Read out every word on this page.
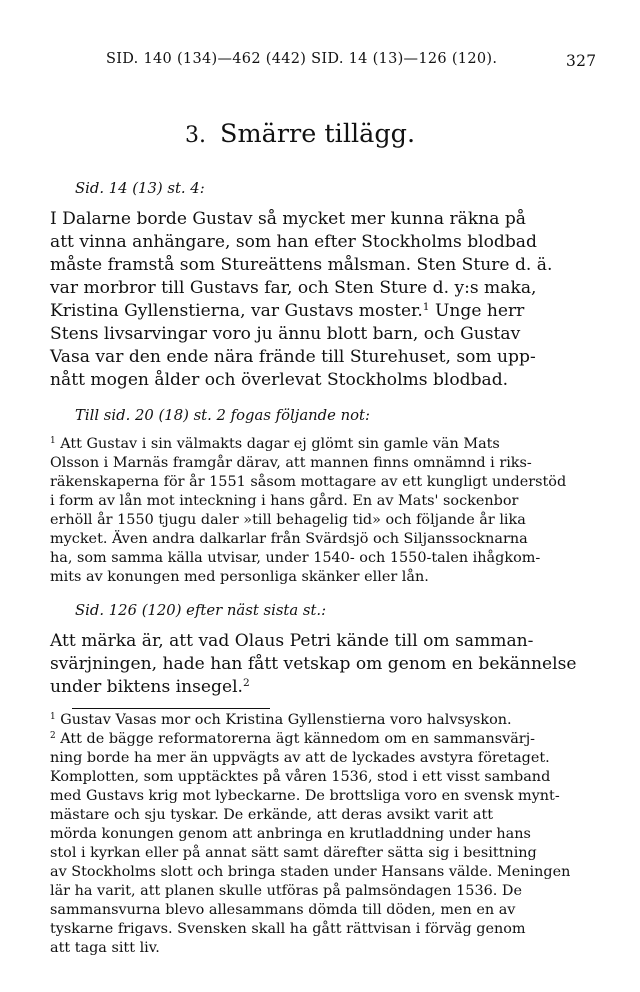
SID. 140 (134)—462 (442) SID. 14 (13)—126 (120).	327
3. Smärre tillägg.
Sid. 14 (13) st. 4:
I Dalarne borde Gustav så mycket mer kunna räkna på
att vinna anhängare, som han efter Stockholms blodbad
måste framstå som Stureättens målsman. Sten Sture d. ä.
var morbror till Gustavs far, och Sten Sture d. y:s maka,
Kristina Gyllenstierna, var Gustavs moster.$^1$ Unge herr
Stens livsarvingar voro ju ännu blott barn, och Gustav
Vasa var den ende nära frände till Sturehuset, som upp-
nått mogen ålder och överlevat Stockholms blodbad.
Till sid. 20 (18) st. 2 fogas följande not:
$^1$ Att Gustav i sin välmakts dagar ej glömt sin gamle vän Mats
Olsson i Marnäs framgår därav, att mannen finns omnämnd i riks-
räkenskaperna för år 1551 såsom mottagare av ett kungligt understöd
i form av lån mot inteckning i hans gård. En av Mats' sockenbor
erhöll år 1550 tjugu daler »till behagelig tid» och följande år lika
mycket. Även andra dalkarlar från Svärdsjö och Siljanssocknarna
ha, som samma källa utvisar, under 1540- och 1550-talen ihågkom-
mits av konungen med personliga skänker eller lån.
Sid. 126 (120) efter näst sista st.:
Att märka är, att vad Olaus Petri kände till om samman-
svärjningen, hade han fått vetskap om genom en bekännelse
under biktens insegel.$^2$
$^1$ Gustav Vasas mor och Kristina Gyllenstierna voro halvsyskon.
$^2$ Att de bägge reformatorerna ägt kännedom om en sammansvärj-
ning borde ha mer än uppvägts av att de lyckades avstyra företaget.
Komplotten, som upptäcktes på våren 1536, stod i ett visst samband
med Gustavs krig mot lybeckarne. De brottsliga voro en svensk mynt-
mästare och sju tyskar. De erkände, att deras avsikt varit att
mörda konungen genom att anbringa en krutladdning under hans
stol i kyrkan eller på annat sätt samt därefter sätta sig i besittning
av Stockholms slott och bringa staden under Hansans välde. Meningen
lär ha varit, att planen skulle utföras på palmsöndagen 1536. De
sammansvurna blevo allesammans dömda till döden, men en av
tyskarne frigavs. Svensken skall ha gått rättvisan i förväg genom
att taga sitt liv.
